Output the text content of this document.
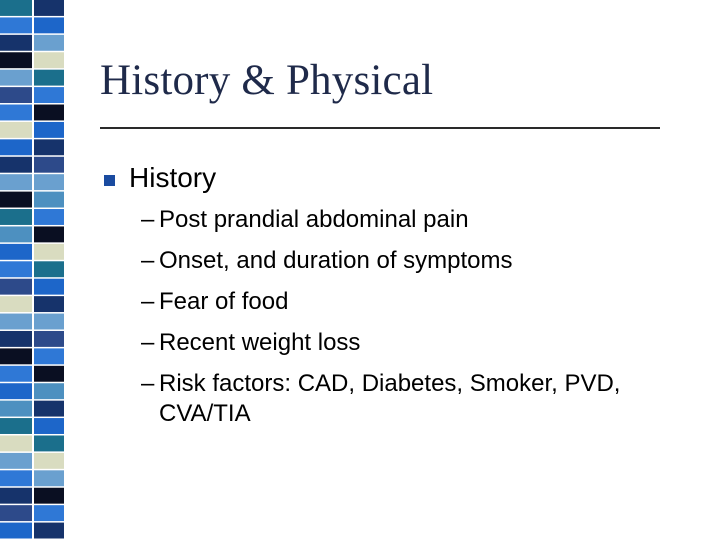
History & Physical
History
– Post prandial abdominal pain
– Onset, and duration of symptoms
– Fear of food
– Recent weight loss
– Risk factors: CAD, Diabetes, Smoker, PVD, CVA/TIA
